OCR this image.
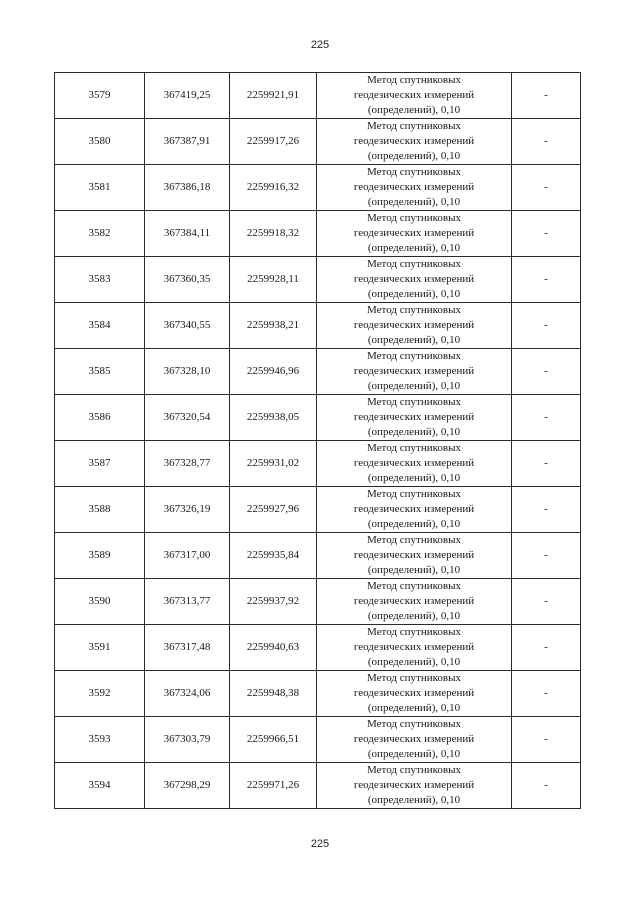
225
3579	367419,25	2259921,91	Метод спутниковых
геодезических измерений
(определений), 0,10	-
3580	367387,91	2259917,26	Метод спутниковых
геодезических измерений
(определений), 0,10	-
3581	367386,18	2259916,32	Метод спутниковых
геодезических измерений
(определений), 0,10	-
3582	367384,11	2259918,32	Метод спутниковых
геодезических измерений
(определений), 0,10	-
3583	367360,35	2259928,11	Метод спутниковых
геодезических измерений
(определений), 0,10	-
3584	367340,55	2259938,21	Метод спутниковых
геодезических измерений
(определений), 0,10	-
3585	367328,10	2259946,96	Метод спутниковых
геодезических измерений
(определений), 0,10	-
3586	367320,54	2259938,05	Метод спутниковых
геодезических измерений
(определений), 0,10	-
3587	367328,77	2259931,02	Метод спутниковых
геодезических измерений
(определений), 0,10	-
3588	367326,19	2259927,96	Метод спутниковых
геодезических измерений
(определений), 0,10	-
3589	367317,00	2259935,84	Метод спутниковых
геодезических измерений
(определений), 0,10	-
3590	367313,77	2259937,92	Метод спутниковых
геодезических измерений
(определений), 0,10	-
3591	367317,48	2259940,63	Метод спутниковых
геодезических измерений
(определений), 0,10	-
3592	367324,06	2259948,38	Метод спутниковых
геодезических измерений
(определений), 0,10	-
3593	367303,79	2259966,51	Метод спутниковых
геодезических измерений
(определений), 0,10	-
3594	367298,29	2259971,26	Метод спутниковых
геодезических измерений
(определений), 0,10	-
225
